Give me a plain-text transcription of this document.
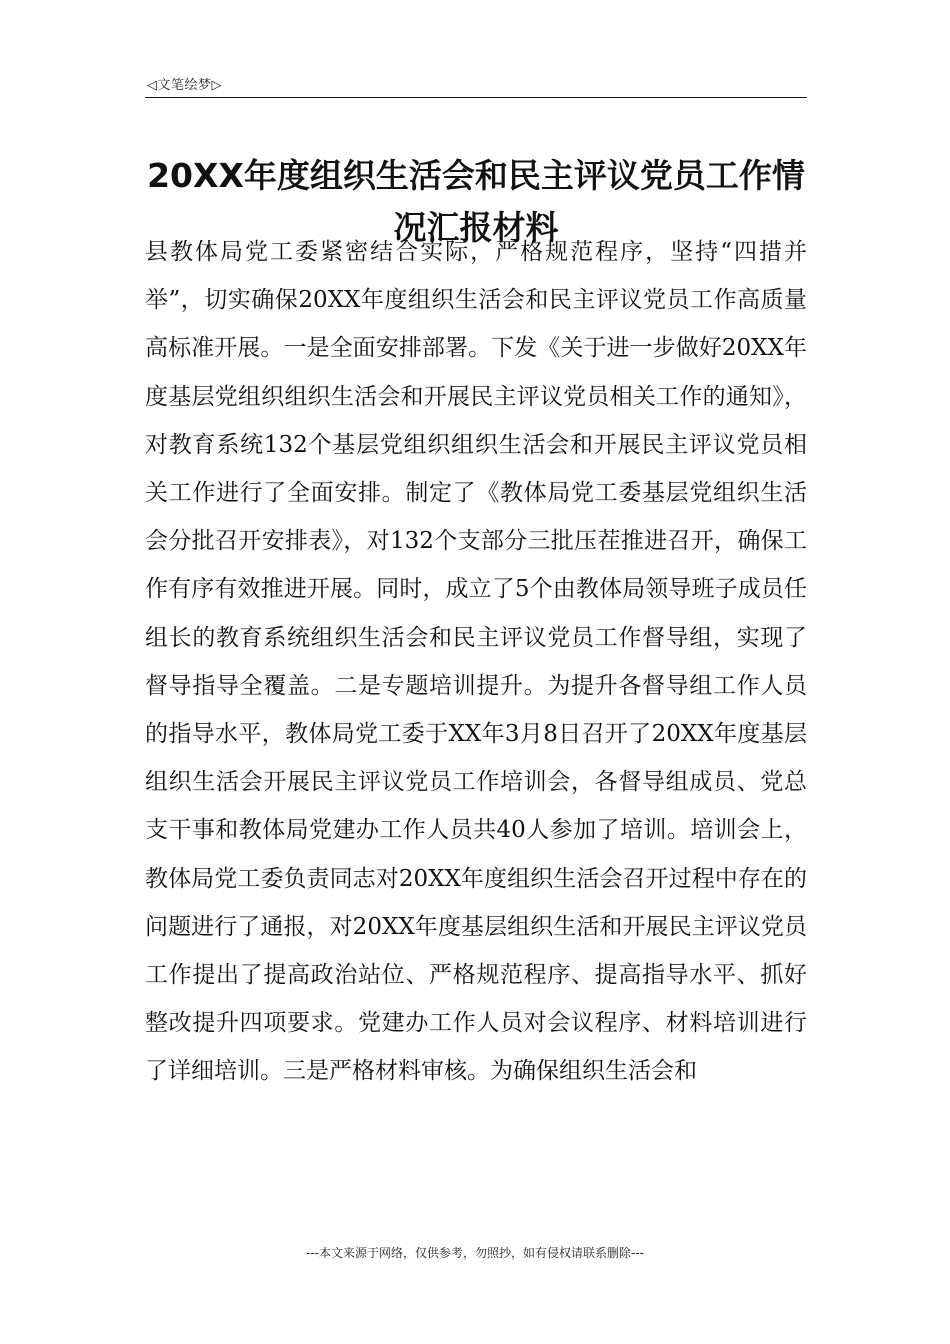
◁文笔绘梦▷
20XX年度组织生活会和民主评议党员工作情况汇报材料

县教体局党工委紧密结合实际，严格规范程序，坚持“四措并举”，切实确保20XX年度组织生活会和民主评议党员工作高质量高标准开展。一是全面安排部署。下发《关于进一步做好20XX年度基层党组织组织生活会和开展民主评议党员相关工作的通知》，对教育系统132个基层党组织组织生活会和开展民主评议党员相关工作进行了全面安排。制定了《教体局党工委基层党组织生活会分批召开安排表》，对132个支部分三批压茬推进召开，确保工作有序有效推进开展。同时，成立了5个由教体局领导班子成员任组长的教育系统组织生活会和民主评议党员工作督导组，实现了督导指导全覆盖。二是专题培训提升。为提升各督导组工作人员的指导水平，教体局党工委于XX年3月8日召开了20XX年度基层组织生活会开展民主评议党员工作培训会，各督导组成员、党总支干事和教体局党建办工作人员共40人参加了培训。培训会上，教体局党工委负责同志对20XX年度组织生活会召开过程中存在的问题进行了通报，对20XX年度基层组织生活和开展民主评议党员工作提出了提高政治站位、严格规范程序、提高指导水平、抓好整改提升四项要求。党建办工作人员对会议程序、材料培训进行了详细培训。三是严格材料审核。为确保组织生活会和

---本文来源于网络，仅供参考，勿照抄，如有侵权请联系删除---
